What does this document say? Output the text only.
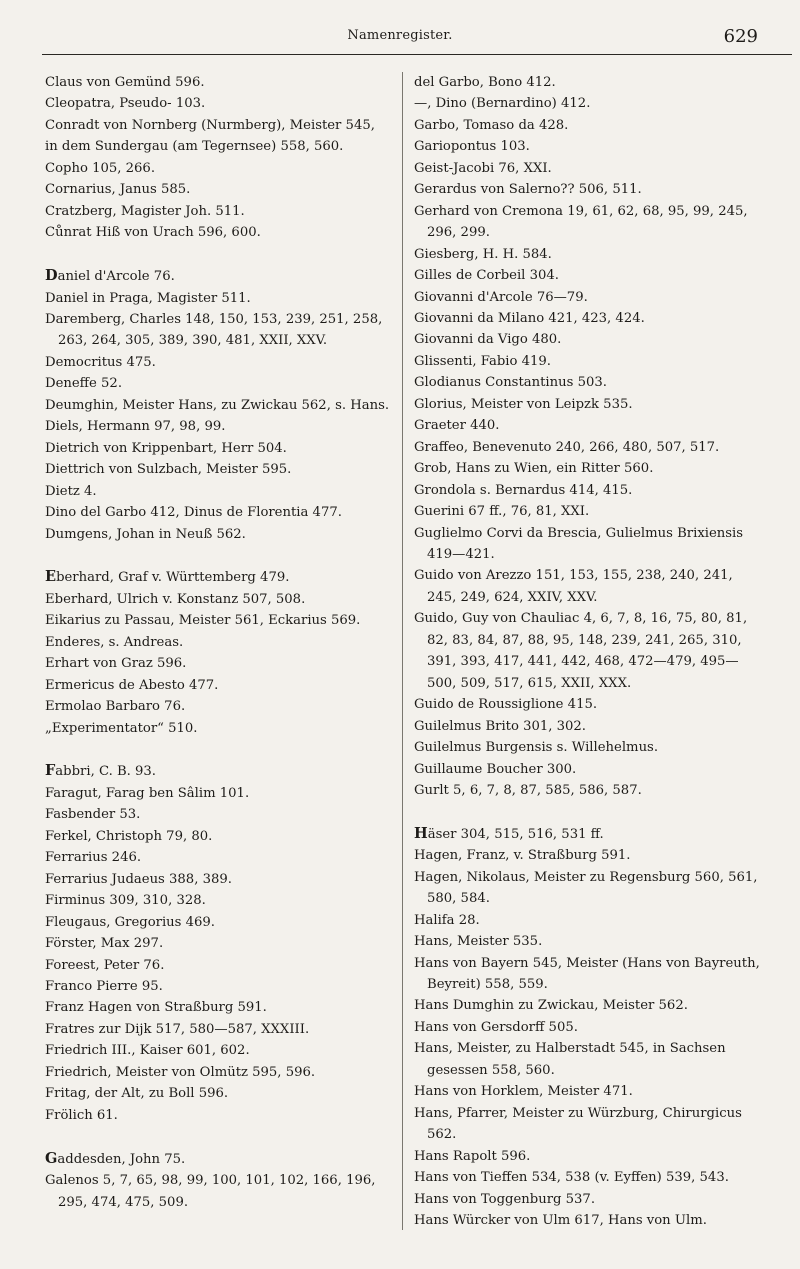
Namenregister.	629
Claus von Gemünd 596.
Cleopatra, Pseudo- 103.
Conradt von Nornberg (Nurmberg), Meister 545,
in dem Sundergau (am Tegernsee) 558, 560.
Copho 105, 266.
Cornarius, Janus 585.
Cratzberg, Magister Joh. 511.
Cůnrat Hiß von Urach 596, 600.
Daniel d'Arcole 76.
Daniel in Praga, Magister 511.
Daremberg, Charles 148, 150, 153, 239, 251, 258, 263, 264, 305, 389, 390, 481, XXII, XXV.
Democritus 475.
Deneffe 52.
Deumghin, Meister Hans, zu Zwickau 562, s. Hans.
Diels, Hermann 97, 98, 99.
Dietrich von Krippenbart, Herr 504.
Diettrich von Sulzbach, Meister 595.
Dietz 4.
Dino del Garbo 412, Dinus de Florentia 477.
Dumgens, Johan in Neuß 562.
Eberhard, Graf v. Württemberg 479.
Eberhard, Ulrich v. Konstanz 507, 508.
Eikarius zu Passau, Meister 561, Eckarius 569.
Enderes, s. Andreas.
Erhart von Graz 596.
Ermericus de Abesto 477.
Ermolao Barbaro 76.
„Experimentator“ 510.
Fabbri, C. B. 93.
Faragut, Farag ben Sâlim 101.
Fasbender 53.
Ferkel, Christoph 79, 80.
Ferrarius 246.
Ferrarius Judaeus 388, 389.
Firminus 309, 310, 328.
Fleugaus, Gregorius 469.
Förster, Max 297.
Foreest, Peter 76.
Franco Pierre 95.
Franz Hagen von Straßburg 591.
Fratres zur Dijk 517, 580—587, XXXIII.
Friedrich III., Kaiser 601, 602.
Friedrich, Meister von Olmütz 595, 596.
Fritag, der Alt, zu Boll 596.
Frölich 61.
Gaddesden, John 75.
Galenos 5, 7, 65, 98, 99, 100, 101, 102, 166, 196, 295, 474, 475, 509.
del Garbo, Bono 412.
—, Dino (Bernardino) 412.
Garbo, Tomaso da 428.
Gariopontus 103.
Geist-Jacobi 76, XXI.
Gerardus von Salerno?? 506, 511.
Gerhard von Cremona 19, 61, 62, 68, 95, 99, 245, 296, 299.
Giesberg, H. H. 584.
Gilles de Corbeil 304.
Giovanni d'Arcole 76—79.
Giovanni da Milano 421, 423, 424.
Giovanni da Vigo 480.
Glissenti, Fabio 419.
Glodianus Constantinus 503.
Glorius, Meister von Leipzk 535.
Graeter 440.
Graffeo, Benevenuto 240, 266, 480, 507, 517.
Grob, Hans zu Wien, ein Ritter 560.
Grondola s. Bernardus 414, 415.
Guerini 67 ff., 76, 81, XXI.
Guglielmo Corvi da Brescia, Gulielmus Brixiensis 419—421.
Guido von Arezzo 151, 153, 155, 238, 240, 241, 245, 249, 624, XXIV, XXV.
Guido, Guy von Chauliac 4, 6, 7, 8, 16, 75, 80, 81, 82, 83, 84, 87, 88, 95, 148, 239, 241, 265, 310, 391, 393, 417, 441, 442, 468, 472—479, 495—500, 509, 517, 615, XXII, XXX.
Guido de Roussiglione 415.
Guilelmus Brito 301, 302.
Guilelmus Burgensis s. Willehelmus.
Guillaume Boucher 300.
Gurlt 5, 6, 7, 8, 87, 585, 586, 587.
Häser 304, 515, 516, 531 ff.
Hagen, Franz, v. Straßburg 591.
Hagen, Nikolaus, Meister zu Regensburg 560, 561, 580, 584.
Halifa 28.
Hans, Meister 535.
Hans von Bayern 545, Meister (Hans von Bayreuth, Beyreit) 558, 559.
Hans Dumghin zu Zwickau, Meister 562.
Hans von Gersdorff 505.
Hans, Meister, zu Halberstadt 545, in Sachsen gesessen 558, 560.
Hans von Horklem, Meister 471.
Hans, Pfarrer, Meister zu Würzburg, Chirurgicus 562.
Hans Rapolt 596.
Hans von Tieffen 534, 538 (v. Eyffen) 539, 543.
Hans von Toggenburg 537.
Hans Würcker von Ulm 617, Hans von Ulm.
